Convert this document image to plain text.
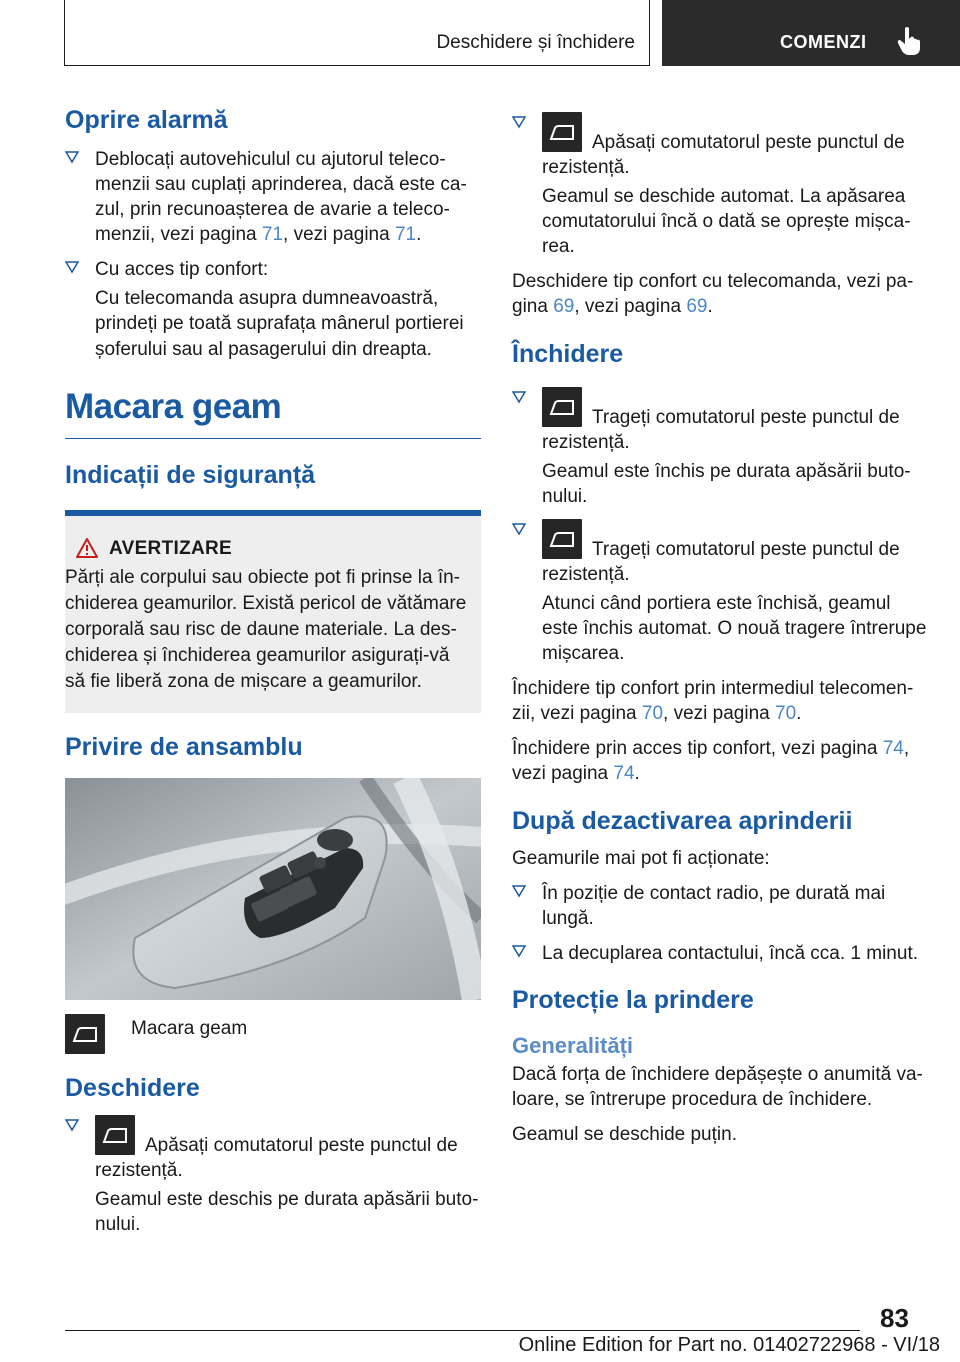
Deschidere și închidere	COMENZI
Oprire alarmă
Deblocați autovehiculul cu ajutorul telecomenzii sau cuplați aprinderea, dacă este cazul, prin recunoașterea de avarie a telecomenzii, vezi pagina 71, vezi pagina 71.
Cu acces tip confort:

Cu telecomanda asupra dumneavoastră, prindeți pe toată suprafața mânerul portierei șoferului sau al pasagerului din dreapta.

Macara geam
Indicații de siguranță
AVERTIZARE

Părți ale corpului sau obiecte pot fi prinse la închiderea geamurilor. Există pericol de vătămare corporală sau risc de daune materiale. La deschiderea și închiderea geamurilor asigurați-vă să fie liberă zona de mișcare a geamurilor.

Privire de ansamblu
Macara geam
Deschidere
Apăsați comutatorul peste punctul de rezistență.

Geamul este deschis pe durata apăsării butonului.

Apăsați comutatorul peste punctul de rezistență.

Geamul se deschide automat. La apăsarea comutatorului încă o dată se oprește mișcarea.

Deschidere tip confort cu telecomanda, vezi pagina 69, vezi pagina 69.

Închidere
Trageți comutatorul peste punctul de rezistență.

Geamul este închis pe durata apăsării butonului.

Trageți comutatorul peste punctul de rezistență.

Atunci când portiera este închisă, geamul este închis automat. O nouă tragere întrerupe mișcarea.

Închidere tip confort prin intermediul telecomenzii, vezi pagina 70, vezi pagina 70.

Închidere prin acces tip confort, vezi pagina 74, vezi pagina 74.

După dezactivarea aprinderii

Geamurile mai pot fi acționate:

În poziție de contact radio, pe durată mai lungă.
La decuplarea contactului, încă cca. 1 minut.
Protecție la prindere
Generalități

Dacă forța de închidere depășește o anumită valoare, se întrerupe procedura de închidere.

Geamul se deschide puțin.

83
Online Edition for Part no. 01402722968 - VI/18
